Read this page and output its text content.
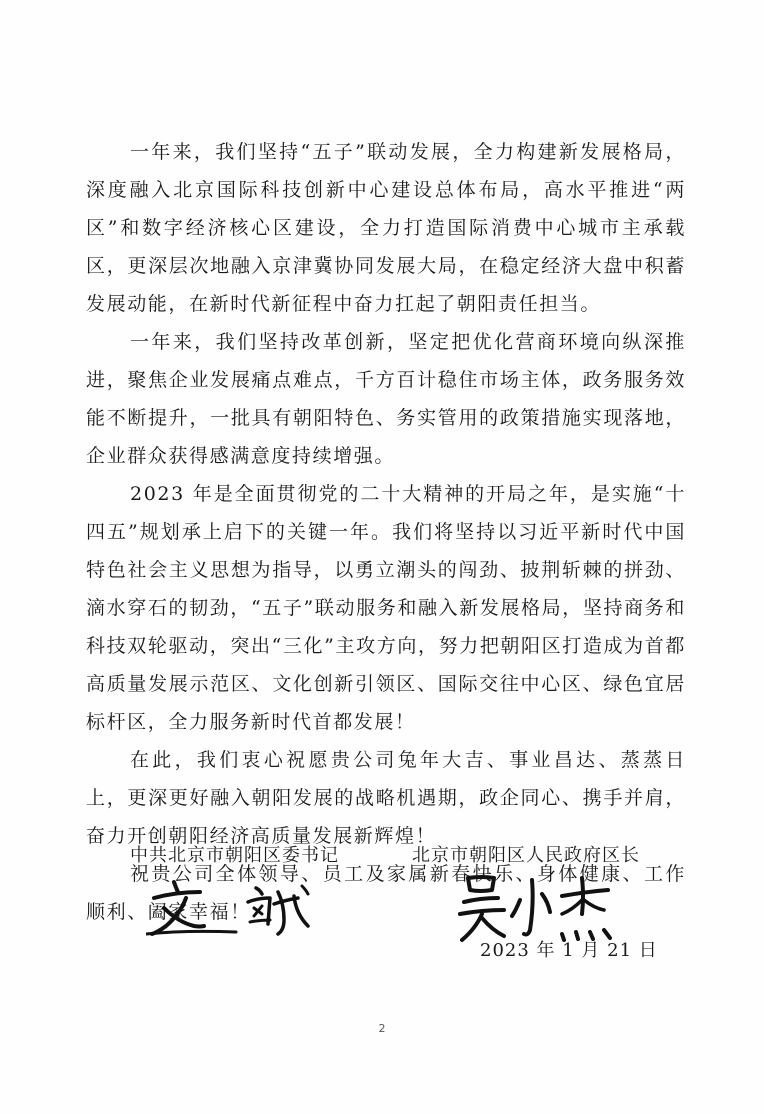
一年来，我们坚持“五子”联动发展，全力构建新发展格局，深度融入北京国际科技创新中心建设总体布局，高水平推进“两区”和数字经济核心区建设，全力打造国际消费中心城市主承载区，更深层次地融入京津冀协同发展大局，在稳定经济大盘中积蓄发展动能，在新时代新征程中奋力扛起了朝阳责任担当。

一年来，我们坚持改革创新，坚定把优化营商环境向纵深推进，聚焦企业发展痛点难点，千方百计稳住市场主体，政务服务效能不断提升，一批具有朝阳特色、务实管用的政策措施实现落地，企业群众获得感满意度持续增强。

2023 年是全面贯彻党的二十大精神的开局之年，是实施“十四五”规划承上启下的关键一年。我们将坚持以习近平新时代中国特色社会主义思想为指导，以勇立潮头的闯劲、披荆斩棘的拼劲、滴水穿石的韧劲，“五子”联动服务和融入新发展格局，坚持商务和科技双轮驱动，突出“三化”主攻方向，努力把朝阳区打造成为首都高质量发展示范区、文化创新引领区、国际交往中心区、绿色宜居标杆区，全力服务新时代首都发展！

在此，我们衷心祝愿贵公司兔年大吉、事业昌达、蒸蒸日上，更深更好融入朝阳发展的战略机遇期，政企同心、携手并肩，奋力开创朝阳经济高质量发展新辉煌！

祝贵公司全体领导、员工及家属新春快乐、身体健康、工作顺利、阖家幸福！

中共北京市朝阳区委书记	北京市朝阳区人民政府区长
2023 年 1 月 21 日
2
